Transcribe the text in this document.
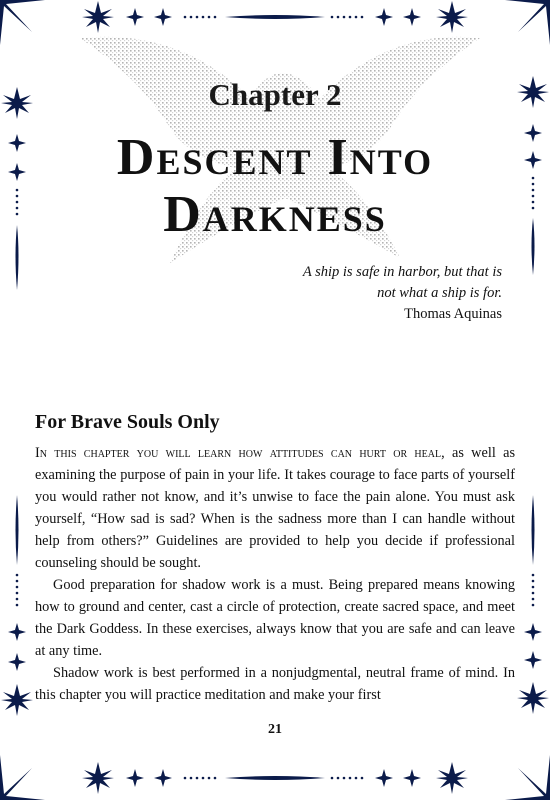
Chapter 2
Descent Into
Darkness
A ship is safe in harbor, but that is
not what a ship is for.
Thomas Aquinas
For Brave Souls Only

In this chapter you will learn how attitudes can hurt or heal, as well as examining the purpose of pain in your life. It takes courage to face parts of yourself you would rather not know, and it’s unwise to face the pain alone. You must ask yourself, “How sad is sad? When is the sadness more than I can handle without help from others?” Guidelines are provided to help you decide if professional counseling should be sought.

Good preparation for shadow work is a must. Being prepared means knowing how to ground and center, cast a circle of protection, create sacred space, and meet the Dark Goddess. In these exercises, always know that you are safe and can leave at any time.

Shadow work is best performed in a nonjudgmental, neutral frame of mind. In this chapter you will practice meditation and make your first

21
